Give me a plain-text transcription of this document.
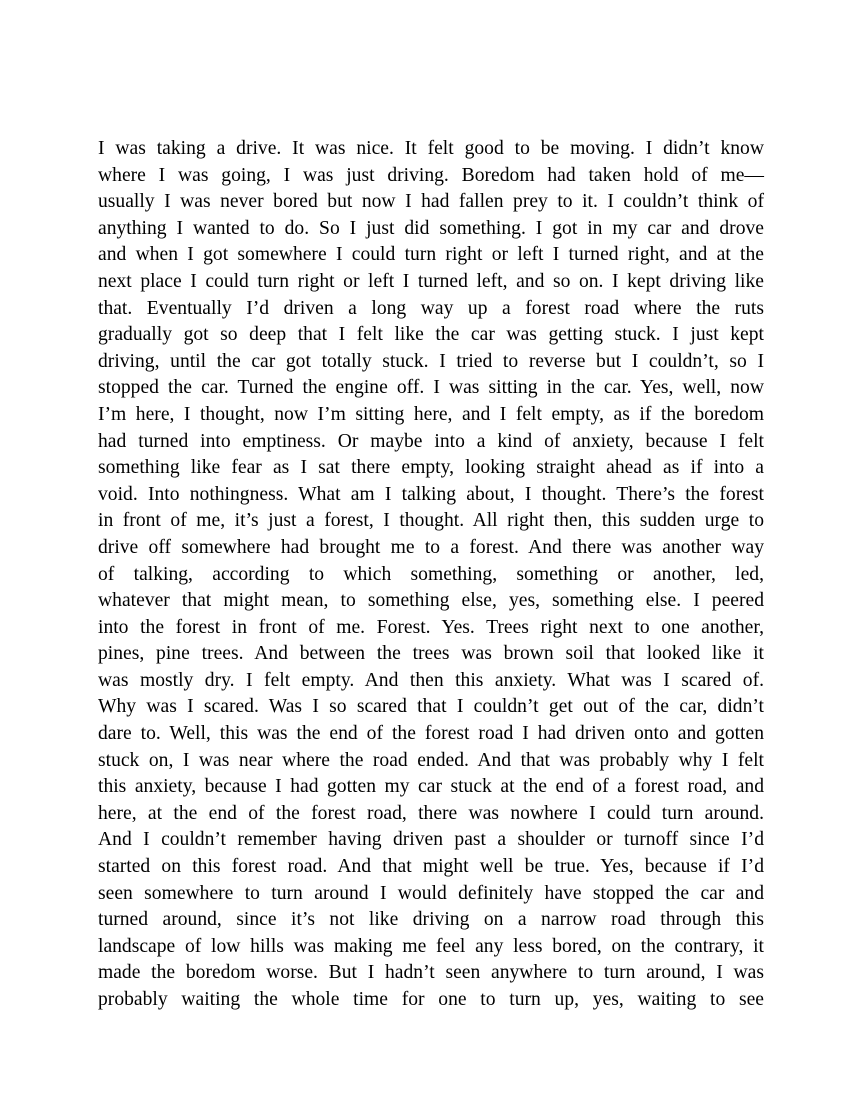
I was taking a drive. It was nice. It felt good to be moving. I didn’t know
where I was going, I was just driving. Boredom had taken hold of me—
usually I was never bored but now I had fallen prey to it. I couldn’t think of
anything I wanted to do. So I just did something. I got in my car and drove
and when I got somewhere I could turn right or left I turned right, and at the
next place I could turn right or left I turned left, and so on. I kept driving like
that. Eventually I’d driven a long way up a forest road where the ruts
gradually got so deep that I felt like the car was getting stuck. I just kept
driving, until the car got totally stuck. I tried to reverse but I couldn’t, so I
stopped the car. Turned the engine off. I was sitting in the car. Yes, well, now
I’m here, I thought, now I’m sitting here, and I felt empty, as if the boredom
had turned into emptiness. Or maybe into a kind of anxiety, because I felt
something like fear as I sat there empty, looking straight ahead as if into a
void. Into nothingness. What am I talking about, I thought. There’s the forest
in front of me, it’s just a forest, I thought. All right then, this sudden urge to
drive off somewhere had brought me to a forest. And there was another way
of talking, according to which something, something or another, led,
whatever that might mean, to something else, yes, something else. I peered
into the forest in front of me. Forest. Yes. Trees right next to one another,
pines, pine trees. And between the trees was brown soil that looked like it
was mostly dry. I felt empty. And then this anxiety. What was I scared of.
Why was I scared. Was I so scared that I couldn’t get out of the car, didn’t
dare to. Well, this was the end of the forest road I had driven onto and gotten
stuck on, I was near where the road ended. And that was probably why I felt
this anxiety, because I had gotten my car stuck at the end of a forest road, and
here, at the end of the forest road, there was nowhere I could turn around.
And I couldn’t remember having driven past a shoulder or turnoff since I’d
started on this forest road. And that might well be true. Yes, because if I’d
seen somewhere to turn around I would definitely have stopped the car and
turned around, since it’s not like driving on a narrow road through this
landscape of low hills was making me feel any less bored, on the contrary, it
made the boredom worse. But I hadn’t seen anywhere to turn around, I was
probably waiting the whole time for one to turn up, yes, waiting to see
